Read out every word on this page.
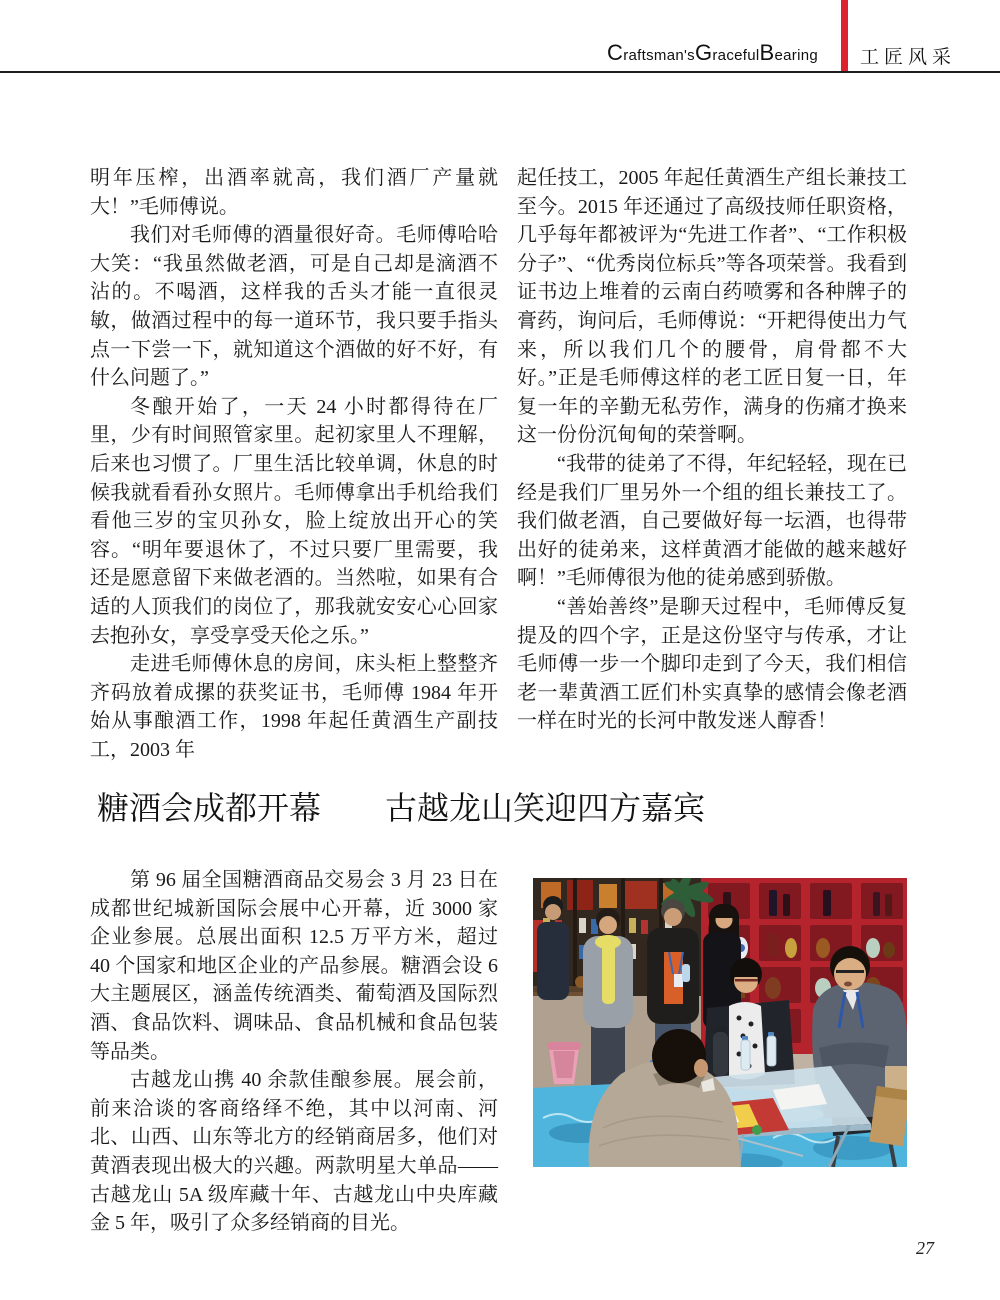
Craftsman'sGracefulBearing 工匠风采

明年压榨，出酒率就高，我们酒厂产量就大！”毛师傅说。

我们对毛师傅的酒量很好奇。毛师傅哈哈大笑：“我虽然做老酒，可是自己却是滴酒不沾的。不喝酒，这样我的舌头才能一直很灵敏，做酒过程中的每一道环节，我只要手指头点一下尝一下，就知道这个酒做的好不好，有什么问题了。”

冬酿开始了，一天 24 小时都得待在厂里，少有时间照管家里。起初家里人不理解，后来也习惯了。厂里生活比较单调，休息的时候我就看看孙女照片。毛师傅拿出手机给我们看他三岁的宝贝孙女，脸上绽放出开心的笑容。“明年要退休了，不过只要厂里需要，我还是愿意留下来做老酒的。当然啦，如果有合适的人顶我们的岗位了，那我就安安心心回家去抱孙女，享受享受天伦之乐。”

走进毛师傅休息的房间，床头柜上整整齐齐码放着成摞的获奖证书，毛师傅 1984 年开始从事酿酒工作，1998 年起任黄酒生产副技工，2003 年

起任技工，2005 年起任黄酒生产组长兼技工至今。2015 年还通过了高级技师任职资格，几乎每年都被评为“先进工作者”、“工作积极分子”、“优秀岗位标兵”等各项荣誉。我看到证书边上堆着的云南白药喷雾和各种牌子的膏药，询问后，毛师傅说：“开耙得使出力气来，所以我们几个的腰骨，肩骨都不大好。”正是毛师傅这样的老工匠日复一日，年复一年的辛勤无私劳作，满身的伤痛才换来这一份份沉甸甸的荣誉啊。

“我带的徒弟了不得，年纪轻轻，现在已经是我们厂里另外一个组的组长兼技工了。我们做老酒，自己要做好每一坛酒，也得带出好的徒弟来，这样黄酒才能做的越来越好啊！”毛师傅很为他的徒弟感到骄傲。

“善始善终”是聊天过程中，毛师傅反复提及的四个字，正是这份坚守与传承，才让毛师傅一步一个脚印走到了今天，我们相信老一辈黄酒工匠们朴实真挚的感情会像老酒一样在时光的长河中散发迷人醇香！

糖酒会成都开幕　　古越龙山笑迎四方嘉宾

第 96 届全国糖酒商品交易会 3 月 23 日在成都世纪城新国际会展中心开幕，近 3000 家企业参展。总展出面积 12.5 万平方米，超过 40 个国家和地区企业的产品参展。糖酒会设 6 大主题展区，涵盖传统酒类、葡萄酒及国际烈酒、食品饮料、调味品、食品机械和食品包装等品类。

古越龙山携 40 余款佳酿参展。展会前，前来洽谈的客商络绎不绝，其中以河南、河北、山西、山东等北方的经销商居多，他们对黄酒表现出极大的兴趣。两款明星大单品——古越龙山 5A 级库藏十年、古越龙山中央库藏金 5 年，吸引了众多经销商的目光。

27
